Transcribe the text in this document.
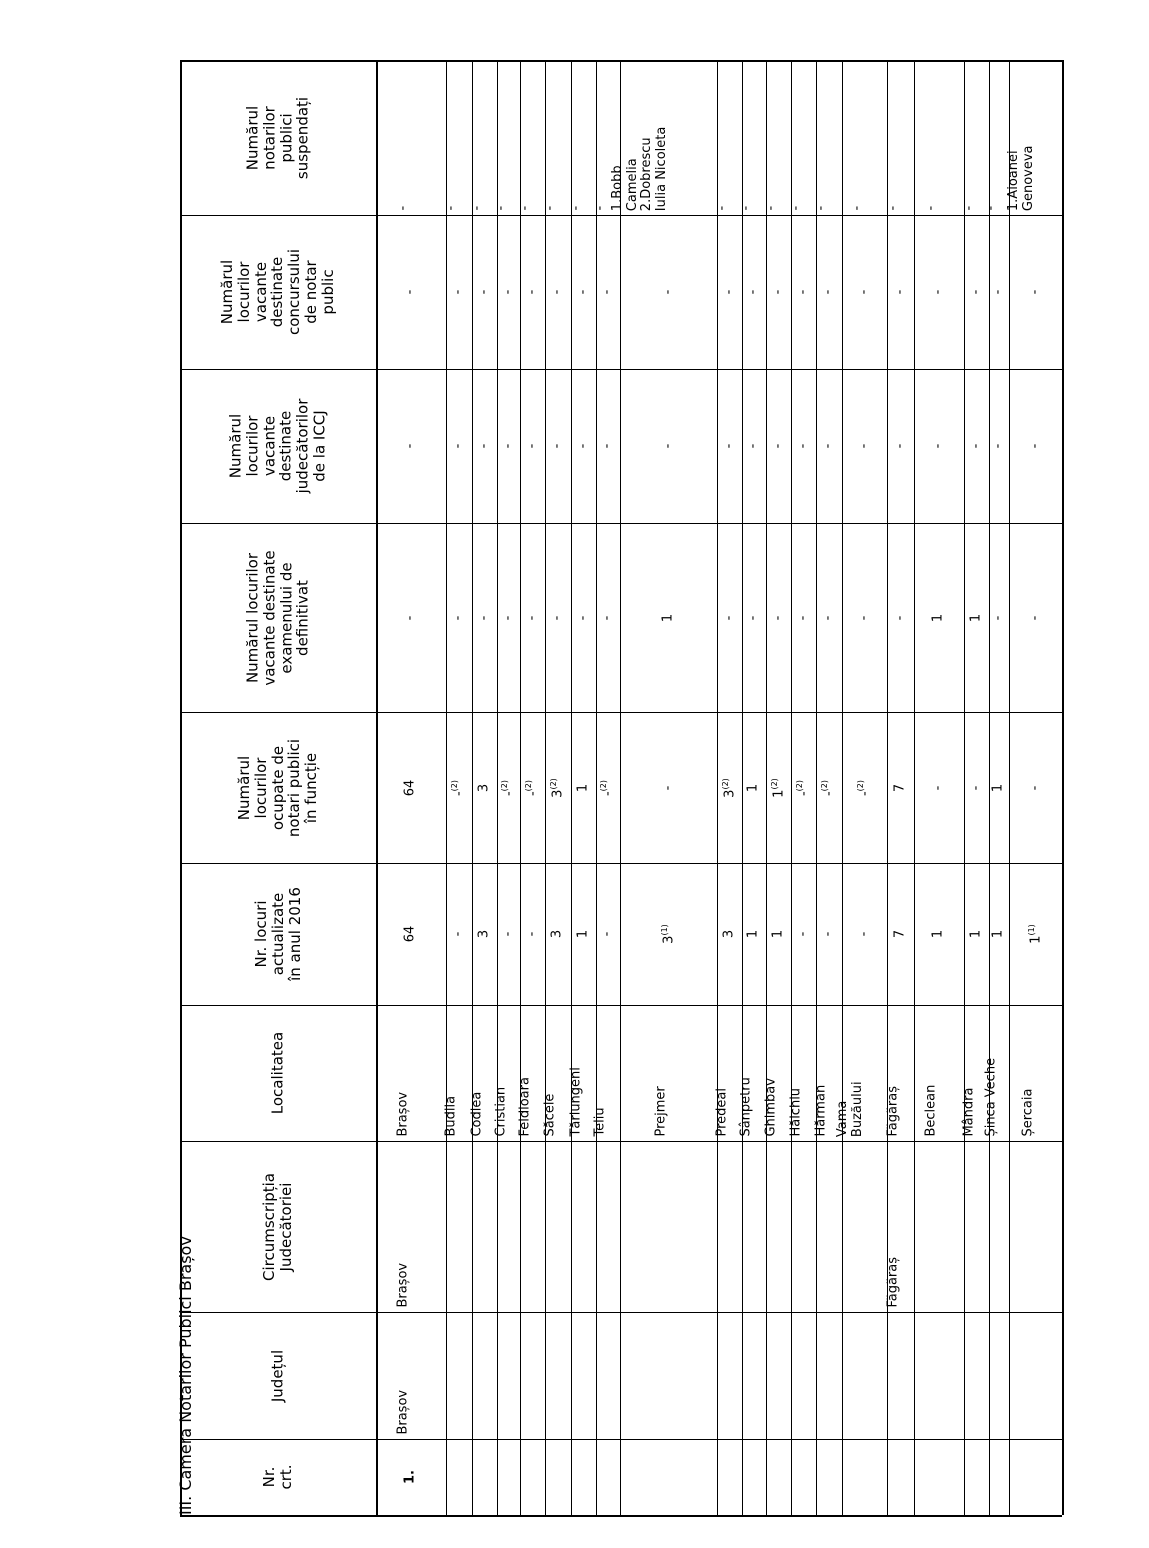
III. Camera Notarilor Publici Brașov	Nr.
crt.
Județul
Circumscripția
Judecătoriei
Localitatea
Nr. locuri
actualizate
în anul 2016
Numărul
locurilor
ocupate de
notari publici
în funcție
Numărul locurilor
vacante destinate
examenului de
definitivat
Numărul
locurilor
vacante
destinate
judecătorilor
de la ICCJ
Numărul
locurilor
vacante
destinate
concursului
de notar
public
Numărul
notarilor
publici
suspendați
1.
Brașov
Brașov
Brașov
64
64
-
-
-
-
Budila
-
-$^{(2)}$
-
-
-
-
Codlea
3
3
-
-
-
-
Cristian
-
-$^{(2)}$
-
-
-
-
Feldioara
-
-$^{(2)}$
-
-
-
-
Săcele
3
3$^{(2)}$
-
-
-
-
Tărlungeni
1
1
-
-
-
-
Teliu
-
-$^{(2)}$
-
-
-
-
Prejmer
3$^{(1)}$
-
1
-
-
1.Bobb
Camelia
2.Dobrescu
Iulia Nicoleta
Predeal
3
3$^{(2)}$
-
-
-
-
Sânpetru
1
1
-
-
-
-
Ghimbav
1
1$^{(2)}$
-
-
-
-
Hălchiu
-
-$^{(2)}$
-
-
-
-
Hărman
-
-$^{(2)}$
-
-
-
-
Vama
Buzăului
-
-$^{(2)}$
-
-
-
-
Făgăraș
Făgăraș
7
7
-
-
-
-
Beclean
1
-
1
-
-
-
Mândra
1
-
1
-
-
-
Șinca Veche
1
1
-
-
-
-
Șercaia
1$^{(1)}$
-
-
-
-
1.Aioanei
Genoveva
